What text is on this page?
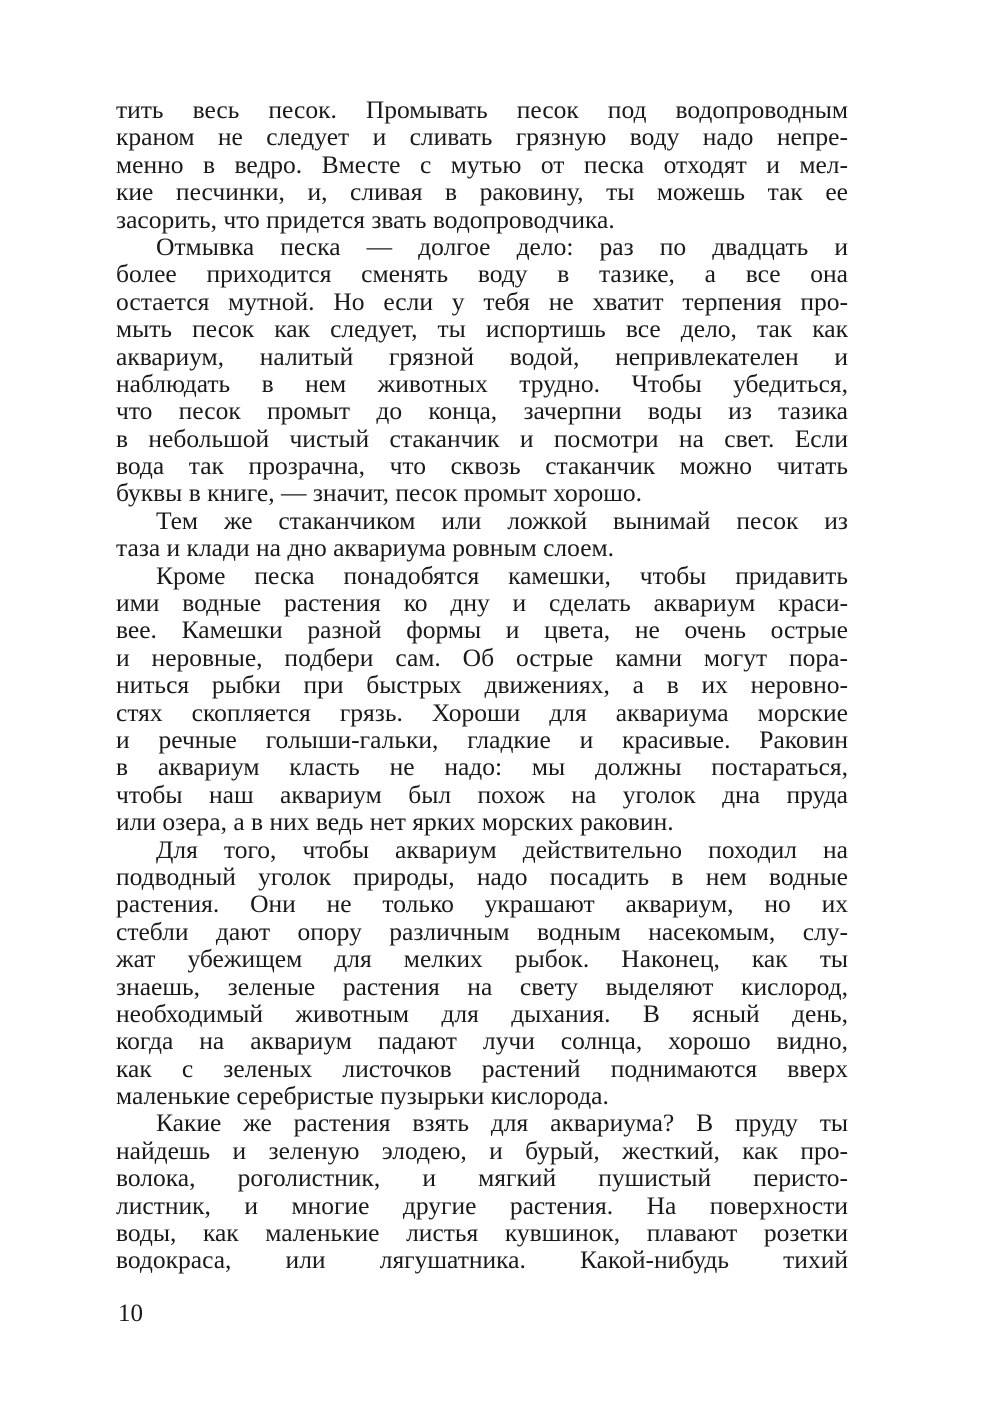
тить весь песок. Промывать песок под водопроводным
краном не следует и сливать грязную воду надо непре-
менно в ведро. Вместе с мутью от песка отходят и мел-
кие песчинки, и, сливая в раковину, ты можешь так ее
засорить, что придется звать водопроводчика.
Отмывка песка — долгое дело: раз по двадцать и
более приходится сменять воду в тазике, а все она
остается мутной. Но если у тебя не хватит терпения про-
мыть песок как следует, ты испортишь все дело, так как
аквариум, налитый грязной водой, непривлекателен и
наблюдать в нем животных трудно. Чтобы убедиться,
что песок промыт до конца, зачерпни воды из тазика
в небольшой чистый стаканчик и посмотри на свет. Если
вода так прозрачна, что сквозь стаканчик можно читать
буквы в книге, — значит, песок промыт хорошо.
Тем же стаканчиком или ложкой вынимай песок из
таза и клади на дно аквариума ровным слоем.
Кроме песка понадобятся камешки, чтобы придавить
ими водные растения ко дну и сделать аквариум краси-
вее. Камешки разной формы и цвета, не очень острые
и неровные, подбери сам. Об острые камни могут пора-
ниться рыбки при быстрых движениях, а в их неровно-
стях скопляется грязь. Хороши для аквариума морские
и речные голыши-гальки, гладкие и красивые. Раковин
в аквариум класть не надо: мы должны постараться,
чтобы наш аквариум был похож на уголок дна пруда
или озера, а в них ведь нет ярких морских раковин.
Для того, чтобы аквариум действительно походил на
подводный уголок природы, надо посадить в нем водные
растения. Они не только украшают аквариум, но их
стебли дают опору различным водным насекомым, слу-
жат убежищем для мелких рыбок. Наконец, как ты
знаешь, зеленые растения на свету выделяют кислород,
необходимый животным для дыхания. В ясный день,
когда на аквариум падают лучи солнца, хорошо видно,
как с зеленых листочков растений поднимаются вверх
маленькие серебристые пузырьки кислорода.
Какие же растения взять для аквариума? В пруду ты
найдешь и зеленую элодею, и бурый, жесткий, как про-
волока, роголистник, и мягкий пушистый перисто-
листник, и многие другие растения. На поверхности
воды, как маленькие листья кувшинок, плавают розетки
водокраса, или лягушатника. Какой-нибудь тихий
10
